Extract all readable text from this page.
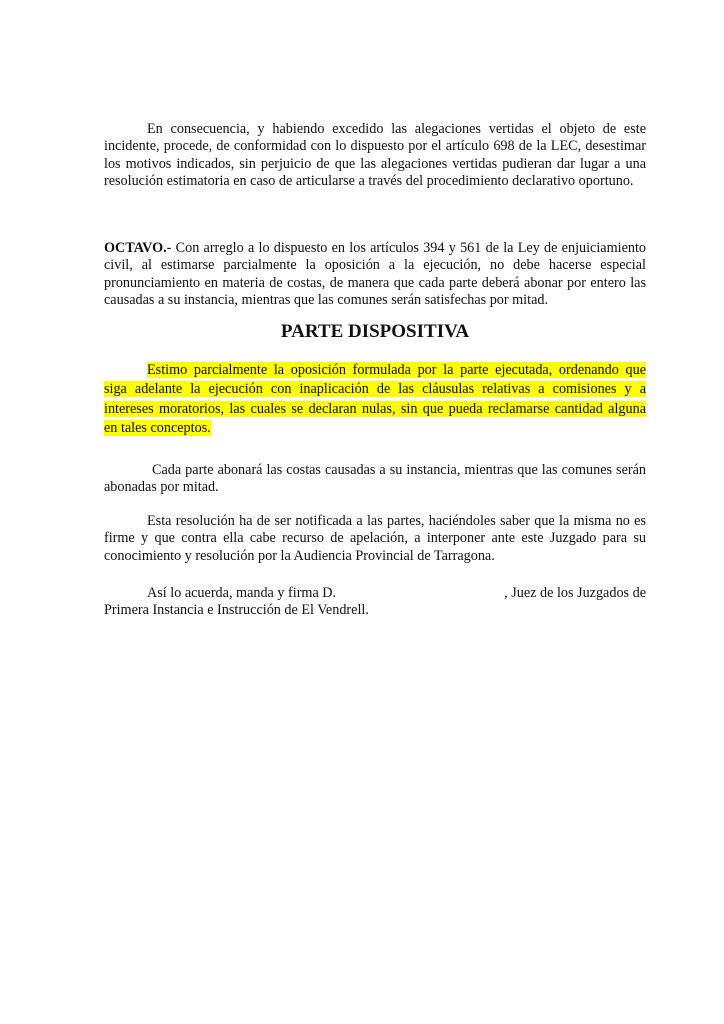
En consecuencia, y habiendo excedido las alegaciones vertidas el objeto de este incidente, procede, de conformidad con lo dispuesto por el artículo 698 de la LEC, desestimar los motivos indicados, sin perjuicio de que las alegaciones vertidas pudieran dar lugar a una resolución estimatoria en caso de articularse a través del procedimiento declarativo oportuno.
OCTAVO.- Con arreglo a lo dispuesto en los artículos 394 y 561 de la Ley de enjuiciamiento civil, al estimarse parcialmente la oposición a la ejecución, no debe hacerse especial pronunciamiento en materia de costas, de manera que cada parte deberá abonar por entero las causadas a su instancia, mientras que las comunes serán satisfechas por mitad.
PARTE DISPOSITIVA
Estimo parcialmente la oposición formulada por la parte ejecutada, ordenando que
siga adelante la ejecución con inaplicación de las cláusulas relativas a comisiones y a
intereses moratorios, las cuales se declaran nulas, sin que pueda reclamarse cantidad alguna
en tales conceptos.
Cada parte abonará las costas causadas a su instancia, mientras que las comunes serán abonadas por mitad.
Esta resolución ha de ser notificada a las partes, haciéndoles saber que la misma no es firme y que contra ella cabe recurso de apelación, a interponer ante este Juzgado para su conocimiento y resolución por la Audiencia Provincial de Tarragona.
Así lo acuerda, manda y firma D.	, Juez de los Juzgados de
Primera Instancia e Instrucción de El Vendrell.
